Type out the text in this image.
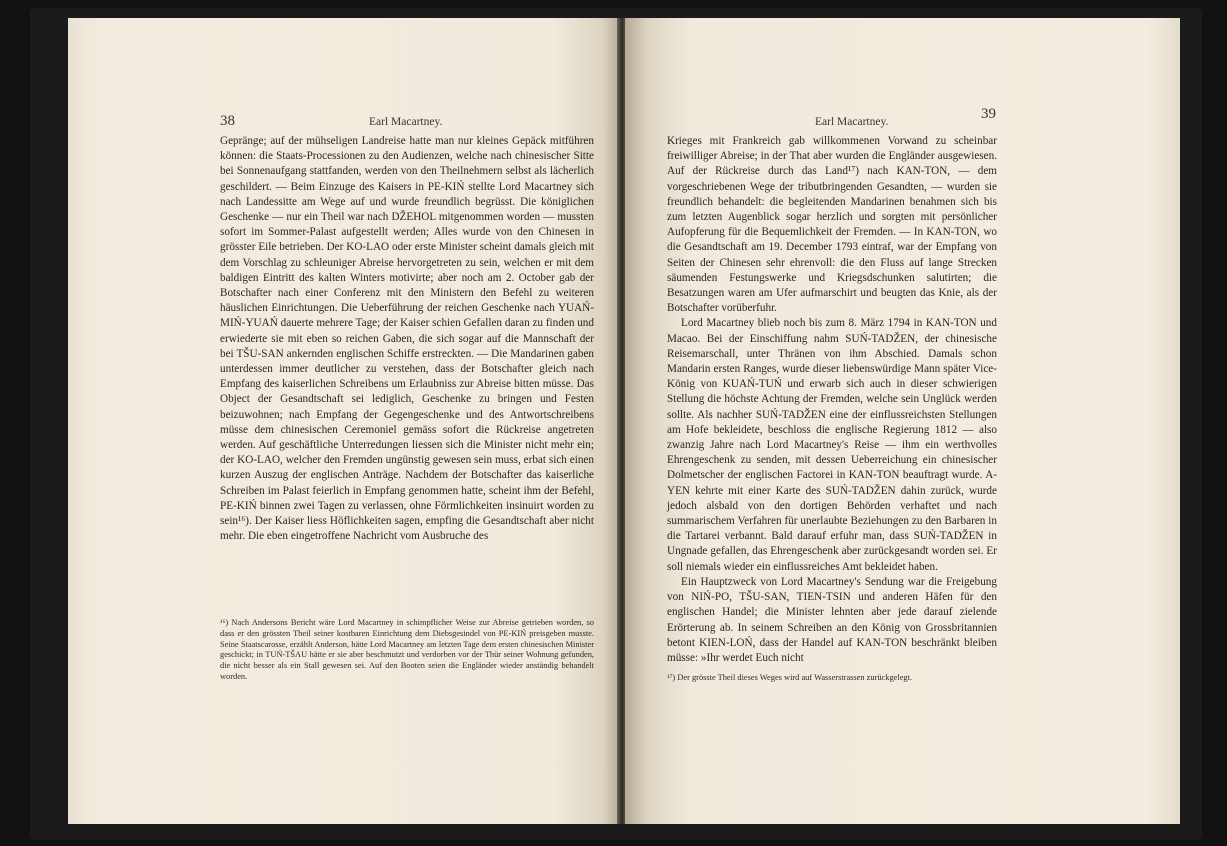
38	Earl Macartney.

Gepränge; auf der mühseligen Landreise hatte man nur kleines Gepäck mitführen können: die Staats-Processionen zu den Audienzen, welche nach chinesischer Sitte bei Sonnenaufgang stattfanden, werden von den Theilnehmern selbst als lächerlich geschildert. — Beim Einzuge des Kaisers in PE-KIŃ stellte Lord Macartney sich nach Landessitte am Wege auf und wurde freundlich begrüsst. Die königlichen Geschenke — nur ein Theil war nach DŽEHOL mitgenommen worden — mussten sofort im Sommer-Palast aufgestellt werden; Alles wurde von den Chinesen in grösster Eile betrieben. Der KO-LAO oder erste Minister scheint damals gleich mit dem Vorschlag zu schleuniger Abreise hervorgetreten zu sein, welchen er mit dem baldigen Eintritt des kalten Winters motivirte; aber noch am 2. October gab der Botschafter nach einer Conferenz mit den Ministern den Befehl zu weiteren häuslichen Einrichtungen. Die Ueberführung der reichen Geschenke nach YUAŃ-MIŃ-YUAŃ dauerte mehrere Tage; der Kaiser schien Gefallen daran zu finden und erwiederte sie mit eben so reichen Gaben, die sich sogar auf die Mannschaft der bei TŠU-SAN ankernden englischen Schiffe erstreckten. — Die Mandarinen gaben unterdessen immer deutlicher zu verstehen, dass der Botschafter gleich nach Empfang des kaiserlichen Schreibens um Erlaubniss zur Abreise bitten müsse. Das Object der Gesandtschaft sei lediglich, Geschenke zu bringen und Festen beizuwohnen; nach Empfang der Gegengeschenke und des Antwortschreibens müsse dem chinesischen Ceremoniel gemäss sofort die Rückreise angetreten werden. Auf geschäftliche Unterredungen liessen sich die Minister nicht mehr ein; der KO-LAO, welcher den Fremden ungünstig gewesen sein muss, erbat sich einen kurzen Auszug der englischen Anträge. Nachdem der Botschafter das kaiserliche Schreiben im Palast feierlich in Empfang genommen hatte, scheint ihm der Befehl, PE-KIŃ binnen zwei Tagen zu verlassen, ohne Förmlichkeiten insinuirt worden zu sein¹⁶). Der Kaiser liess Höflichkeiten sagen, empfing die Gesandtschaft aber nicht mehr. Die eben eingetroffene Nachricht vom Ausbruche des

¹⁶) Nach Andersons Bericht wäre Lord Macartney in schimpflicher Weise zur Abreise getrieben worden, so dass er den grössten Theil seiner kostbaren Einrichtung dem Diebsgesindel von PE-KIŃ preisgeben musste. Seine Staatscarosse, erzählt Anderson, hätte Lord Macartney am letzten Tage dem ersten chinesischen Minister geschickt; in TUŃ-TŠAU hätte er sie aber beschmutzt und verdorben vor der Thür seiner Wohnung gefunden, die nicht besser als ein Stall gewesen sei. Auf den Booten seien die Engländer wieder anständig behandelt worden.
Earl Macartney.	39

Krieges mit Frankreich gab willkommenen Vorwand zu scheinbar freiwilliger Abreise; in der That aber wurden die Engländer ausgewiesen. Auf der Rückreise durch das Land¹⁷) nach KAN-TON, — dem vorgeschriebenen Wege der tributbringenden Gesandten, — wurden sie freundlich behandelt: die begleitenden Mandarinen benahmen sich bis zum letzten Augenblick sogar herzlich und sorgten mit persönlicher Aufopferung für die Bequemlichkeit der Fremden. — In KAN-TON, wo die Gesandtschaft am 19. December 1793 eintraf, war der Empfang von Seiten der Chinesen sehr ehrenvoll: die den Fluss auf lange Strecken säumenden Festungswerke und Kriegsdschunken salutirten; die Besatzungen waren am Ufer aufmarschirt und beugten das Knie, als der Botschafter vorüberfuhr.

Lord Macartney blieb noch bis zum 8. März 1794 in KAN-TON und Macao. Bei der Einschiffung nahm SUŃ-TADŽEN, der chinesische Reisemarschall, unter Thränen von ihm Abschied. Damals schon Mandarin ersten Ranges, wurde dieser liebenswürdige Mann später Vice-König von KUAŃ-TUŃ und erwarb sich auch in dieser schwierigen Stellung die höchste Achtung der Fremden, welche sein Unglück werden sollte. Als nachher SUŃ-TADŽEN eine der einflussreichsten Stellungen am Hofe bekleidete, beschloss die englische Regierung 1812 — also zwanzig Jahre nach Lord Macartney's Reise — ihm ein werthvolles Ehrengeschenk zu senden, mit dessen Ueberreichung ein chinesischer Dolmetscher der englischen Factorei in KAN-TON beauftragt wurde. A-YEN kehrte mit einer Karte des SUŃ-TADŽEN dahin zurück, wurde jedoch alsbald von den dortigen Behörden verhaftet und nach summarischem Verfahren für unerlaubte Beziehungen zu den Barbaren in die Tartarei verbannt. Bald darauf erfuhr man, dass SUŃ-TADŽEN in Ungnade gefallen, das Ehrengeschenk aber zurückgesandt worden sei. Er soll niemals wieder ein einflussreiches Amt bekleidet haben.

Ein Hauptzweck von Lord Macartney's Sendung war die Freigebung von NIŃ-PO, TŠU-SAN, TIEN-TSIN und anderen Häfen für den englischen Handel; die Minister lehnten aber jede darauf zielende Erörterung ab. In seinem Schreiben an den König von Grossbritannien betont KIEN-LOŃ, dass der Handel auf KAN-TON beschränkt bleiben müsse: »Ihr werdet Euch nicht

¹⁷) Der grösste Theil dieses Weges wird auf Wasserstrassen zurückgelegt.
